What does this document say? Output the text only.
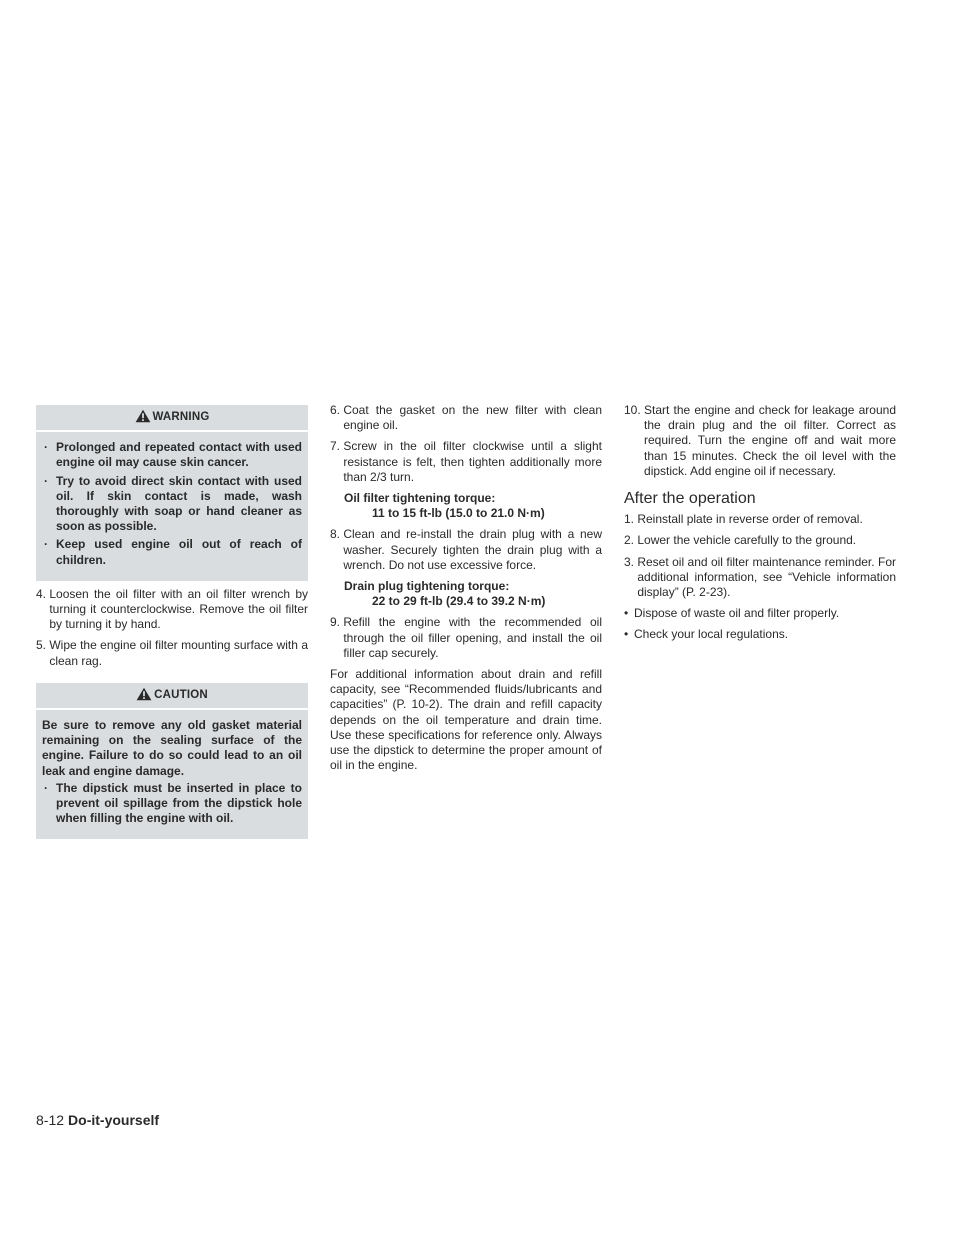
WARNING
· Prolonged and repeated contact with used engine oil may cause skin cancer.
· Try to avoid direct skin contact with used oil. If skin contact is made, wash thoroughly with soap or hand cleaner as soon as possible.
· Keep used engine oil out of reach of children.
4. Loosen the oil filter with an oil filter wrench by turning it counterclockwise. Remove the oil filter by turning it by hand.
5. Wipe the engine oil filter mounting surface with a clean rag.
CAUTION

Be sure to remove any old gasket material remaining on the sealing surface of the engine. Failure to do so could lead to an oil leak and engine damage.

· The dipstick must be inserted in place to prevent oil spillage from the dipstick hole when filling the engine with oil.
6. Coat the gasket on the new filter with clean engine oil.
7. Screw in the oil filter clockwise until a slight resistance is felt, then tighten additionally more than 2/3 turn.
Oil filter tightening torque:
11 to 15 ft-lb (15.0 to 21.0 N·m)
8. Clean and re-install the drain plug with a new washer. Securely tighten the drain plug with a wrench. Do not use excessive force.
Drain plug tightening torque:
22 to 29 ft-lb (29.4 to 39.2 N·m)
9. Refill the engine with the recommended oil through the oil filler opening, and install the oil filler cap securely.

For additional information about drain and refill capacity, see “Recommended fluids/lubricants and capacities” (P. 10-2). The drain and refill capacity depends on the oil temperature and drain time. Use these specifications for reference only. Always use the dipstick to determine the proper amount of oil in the engine.

10. Start the engine and check for leakage around the drain plug and the oil filter. Correct as required. Turn the engine off and wait more than 15 minutes. Check the oil level with the dipstick. Add engine oil if necessary.
After the operation
1. Reinstall plate in reverse order of removal.
2. Lower the vehicle carefully to the ground.
3. Reset oil and oil filter maintenance reminder. For additional information, see “Vehicle information display” (P. 2-23).
• Dispose of waste oil and filter properly.
• Check your local regulations.
8-12 Do-it-yourself
